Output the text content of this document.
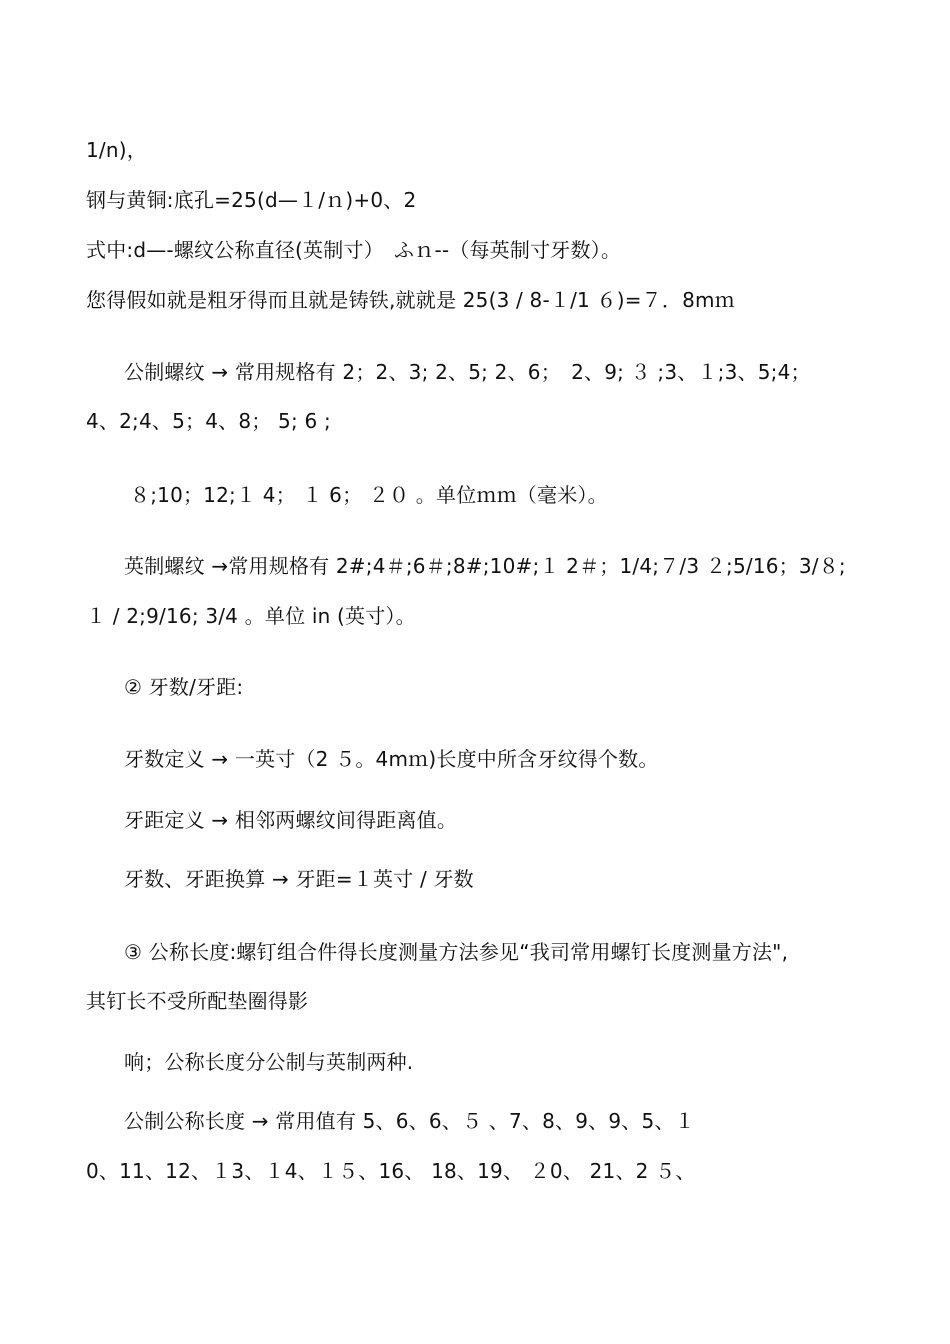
1/n)，
钢与黄铜:底孔=25(d—１/ｎ)+0、2
式中:d—-螺纹公称直径(英制寸）　ふｎ--（每英制寸牙数）。
您得假如就是粗牙得而且就是铸铁,就就是 25(3 / 8-１/1 ６)=７．8mｍ
公制螺纹 → 常用规格有 2；2、3; 2、5; 2、6；　2、9; ３ ;3、１;3、5;4；
4、2;4、5；4、8； 5; 6 ;
８;10；12;１ 4； １ 6； ２０ 。单位ｍｍ（毫米）。
英制螺纹 →常用规格有 2#;4＃;6＃;8#;10#;１ 2＃；1/4;７/3 ２;5/16；3/８;
１ / 2;9/16; 3/4 。单位 in (英寸）。
② 牙数/牙距:
牙数定义 → 一英寸（2 ５。4mｍ)长度中所含牙纹得个数。
牙距定义 → 相邻两螺纹间得距离值。
牙数、牙距换算 → 牙距=１英寸 / 牙数
③ 公称长度:螺钉组合件得长度测量方法参见“我司常用螺钉长度测量方法",
其钉长不受所配垫圈得影
响；公称长度分公制与英制两种.
公制公称长度 → 常用值有 5、6、6、５ 、7、8、9、9、5、１
0、11、12、１3、１4、１５、16、 18、19、 ２0、 21、2 ５、
